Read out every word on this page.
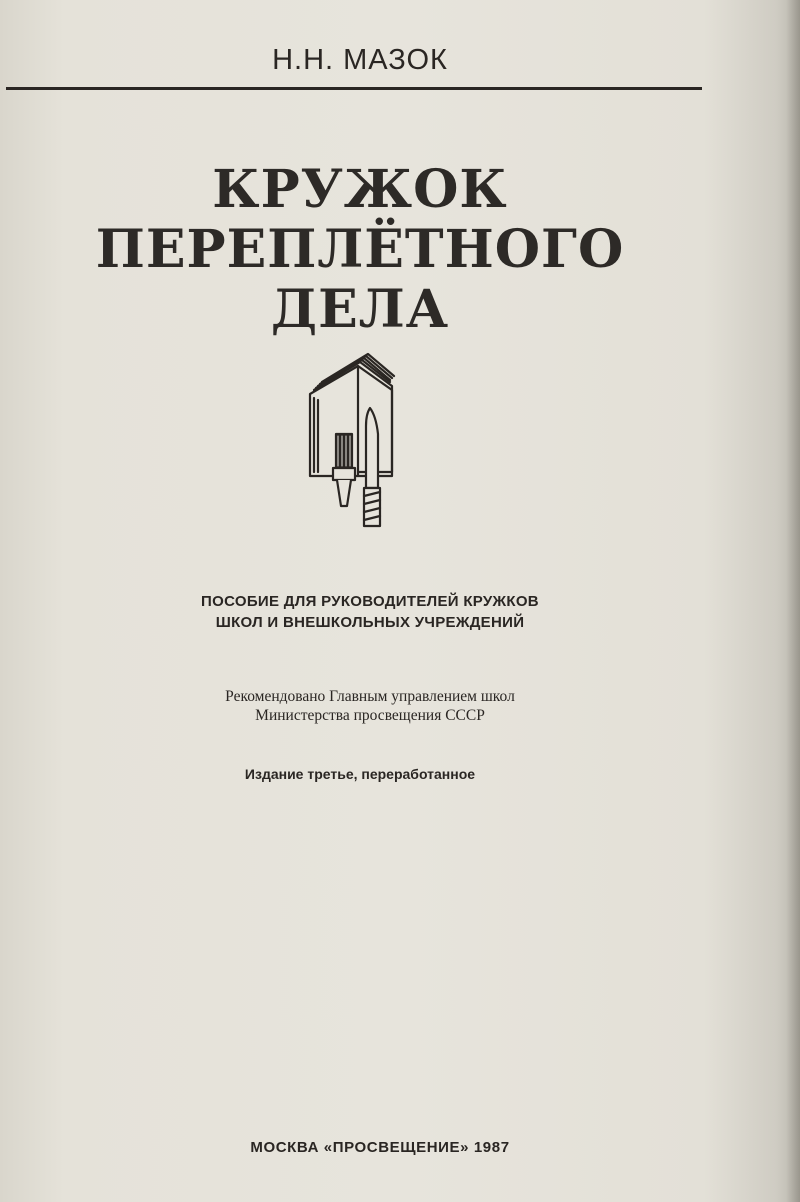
Н.Н. МАЗОК
КРУЖОК
ПЕРЕПЛЁТНОГО
ДЕЛА
ПОСОБИЕ ДЛЯ РУКОВОДИТЕЛЕЙ КРУЖКОВ
ШКОЛ И ВНЕШКОЛЬНЫХ УЧРЕЖДЕНИЙ
Рекомендовано Главным управлением школ
Министерства просвещения СССР
Издание третье, переработанное
МОСКВА «ПРОСВЕЩЕНИЕ» 1987
